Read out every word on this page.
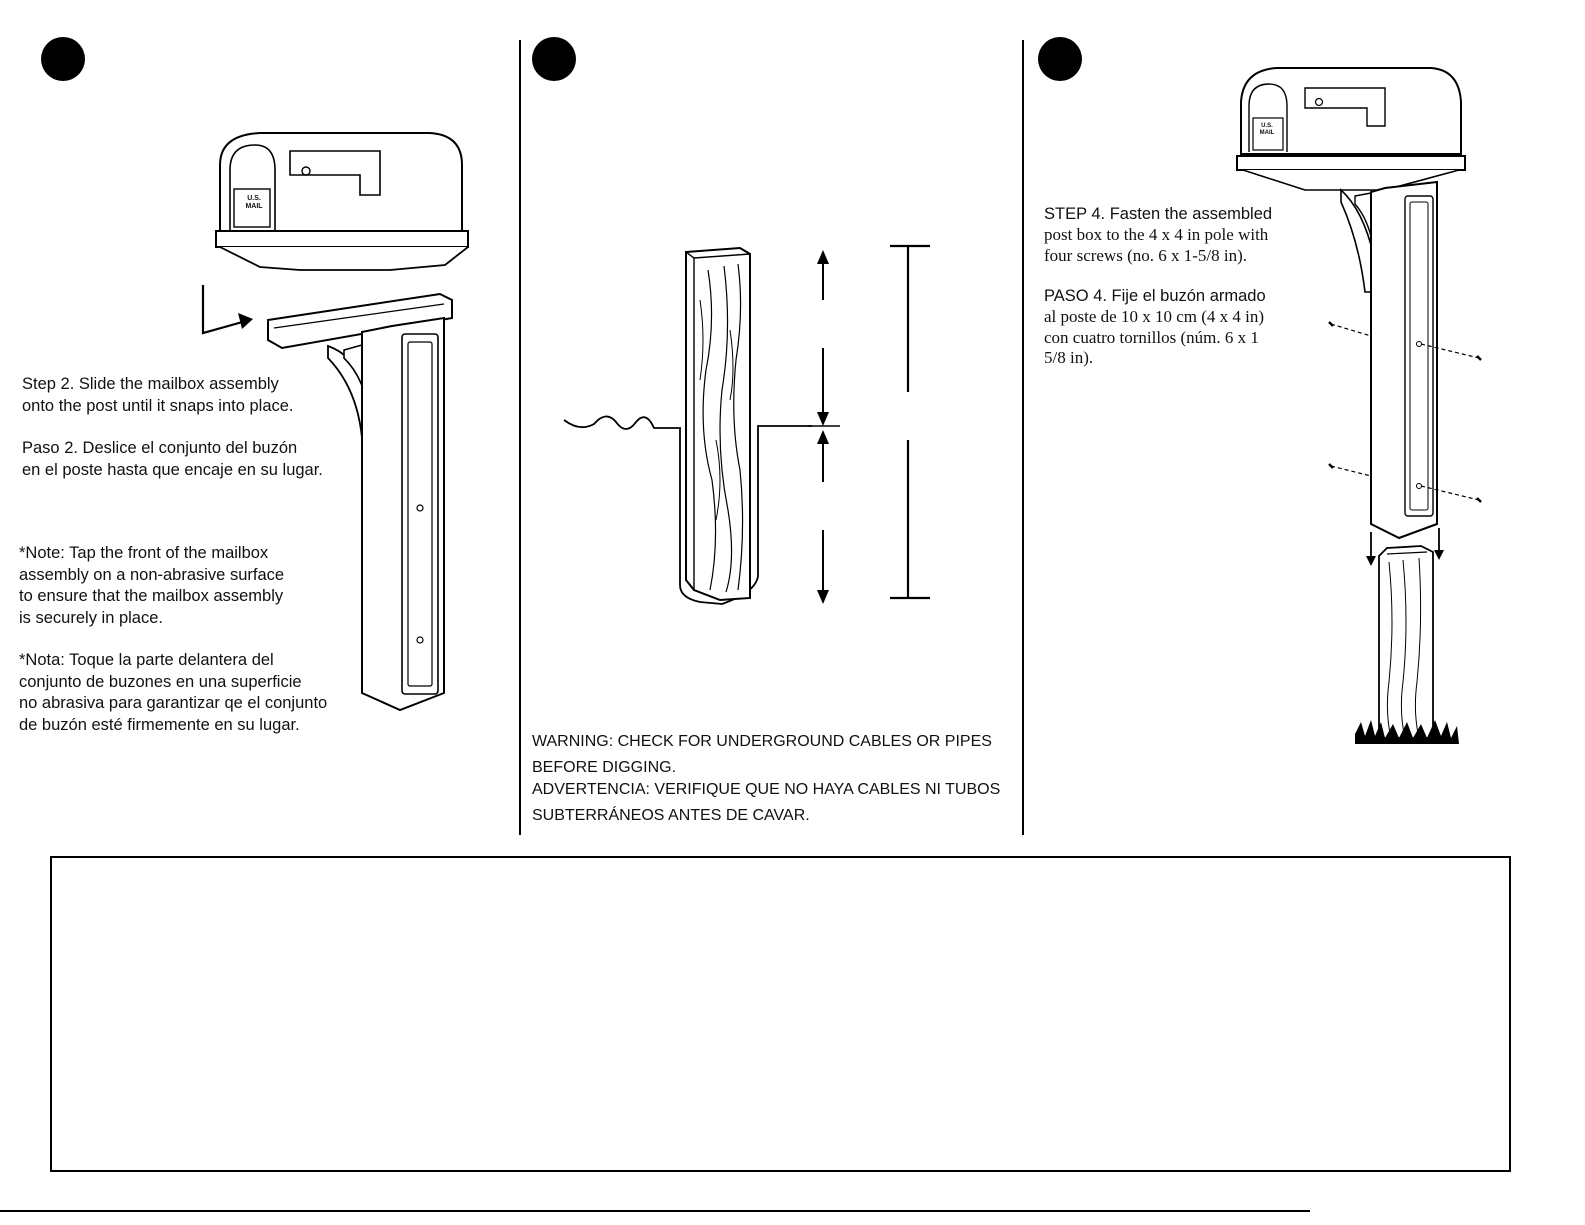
U.S.
MAIL

Step 2. Slide the mailbox assembly
onto the post until it snaps into place.

Paso 2. Deslice el conjunto del buzón
en el poste hasta que encaje en su lugar.

*Note: Tap the front of the mailbox
assembly on a non-abrasive surface
to ensure that the mailbox assembly
is securely in place.

*Nota: Toque la parte delantera del
conjunto de buzones en una superficie
no abrasiva para garantizar qe el conjunto
de buzón esté firmemente en su lugar.

WARNING: CHECK FOR UNDERGROUND CABLES OR PIPES
BEFORE DIGGING.

ADVERTENCIA: VERIFIQUE QUE NO HAYA CABLES NI TUBOS
SUBTERRÁNEOS ANTES DE CAVAR.

STEP 4. Fasten the assembled

post box to the 4 x 4 in pole with
four screws (no. 6 x 1-5/8 in).

PASO 4. Fije el buzón armado

al poste de 10 x 10 cm (4 x 4 in)
con cuatro tornillos (núm. 6 x 1
5/8 in).

U.S.
MAIL
